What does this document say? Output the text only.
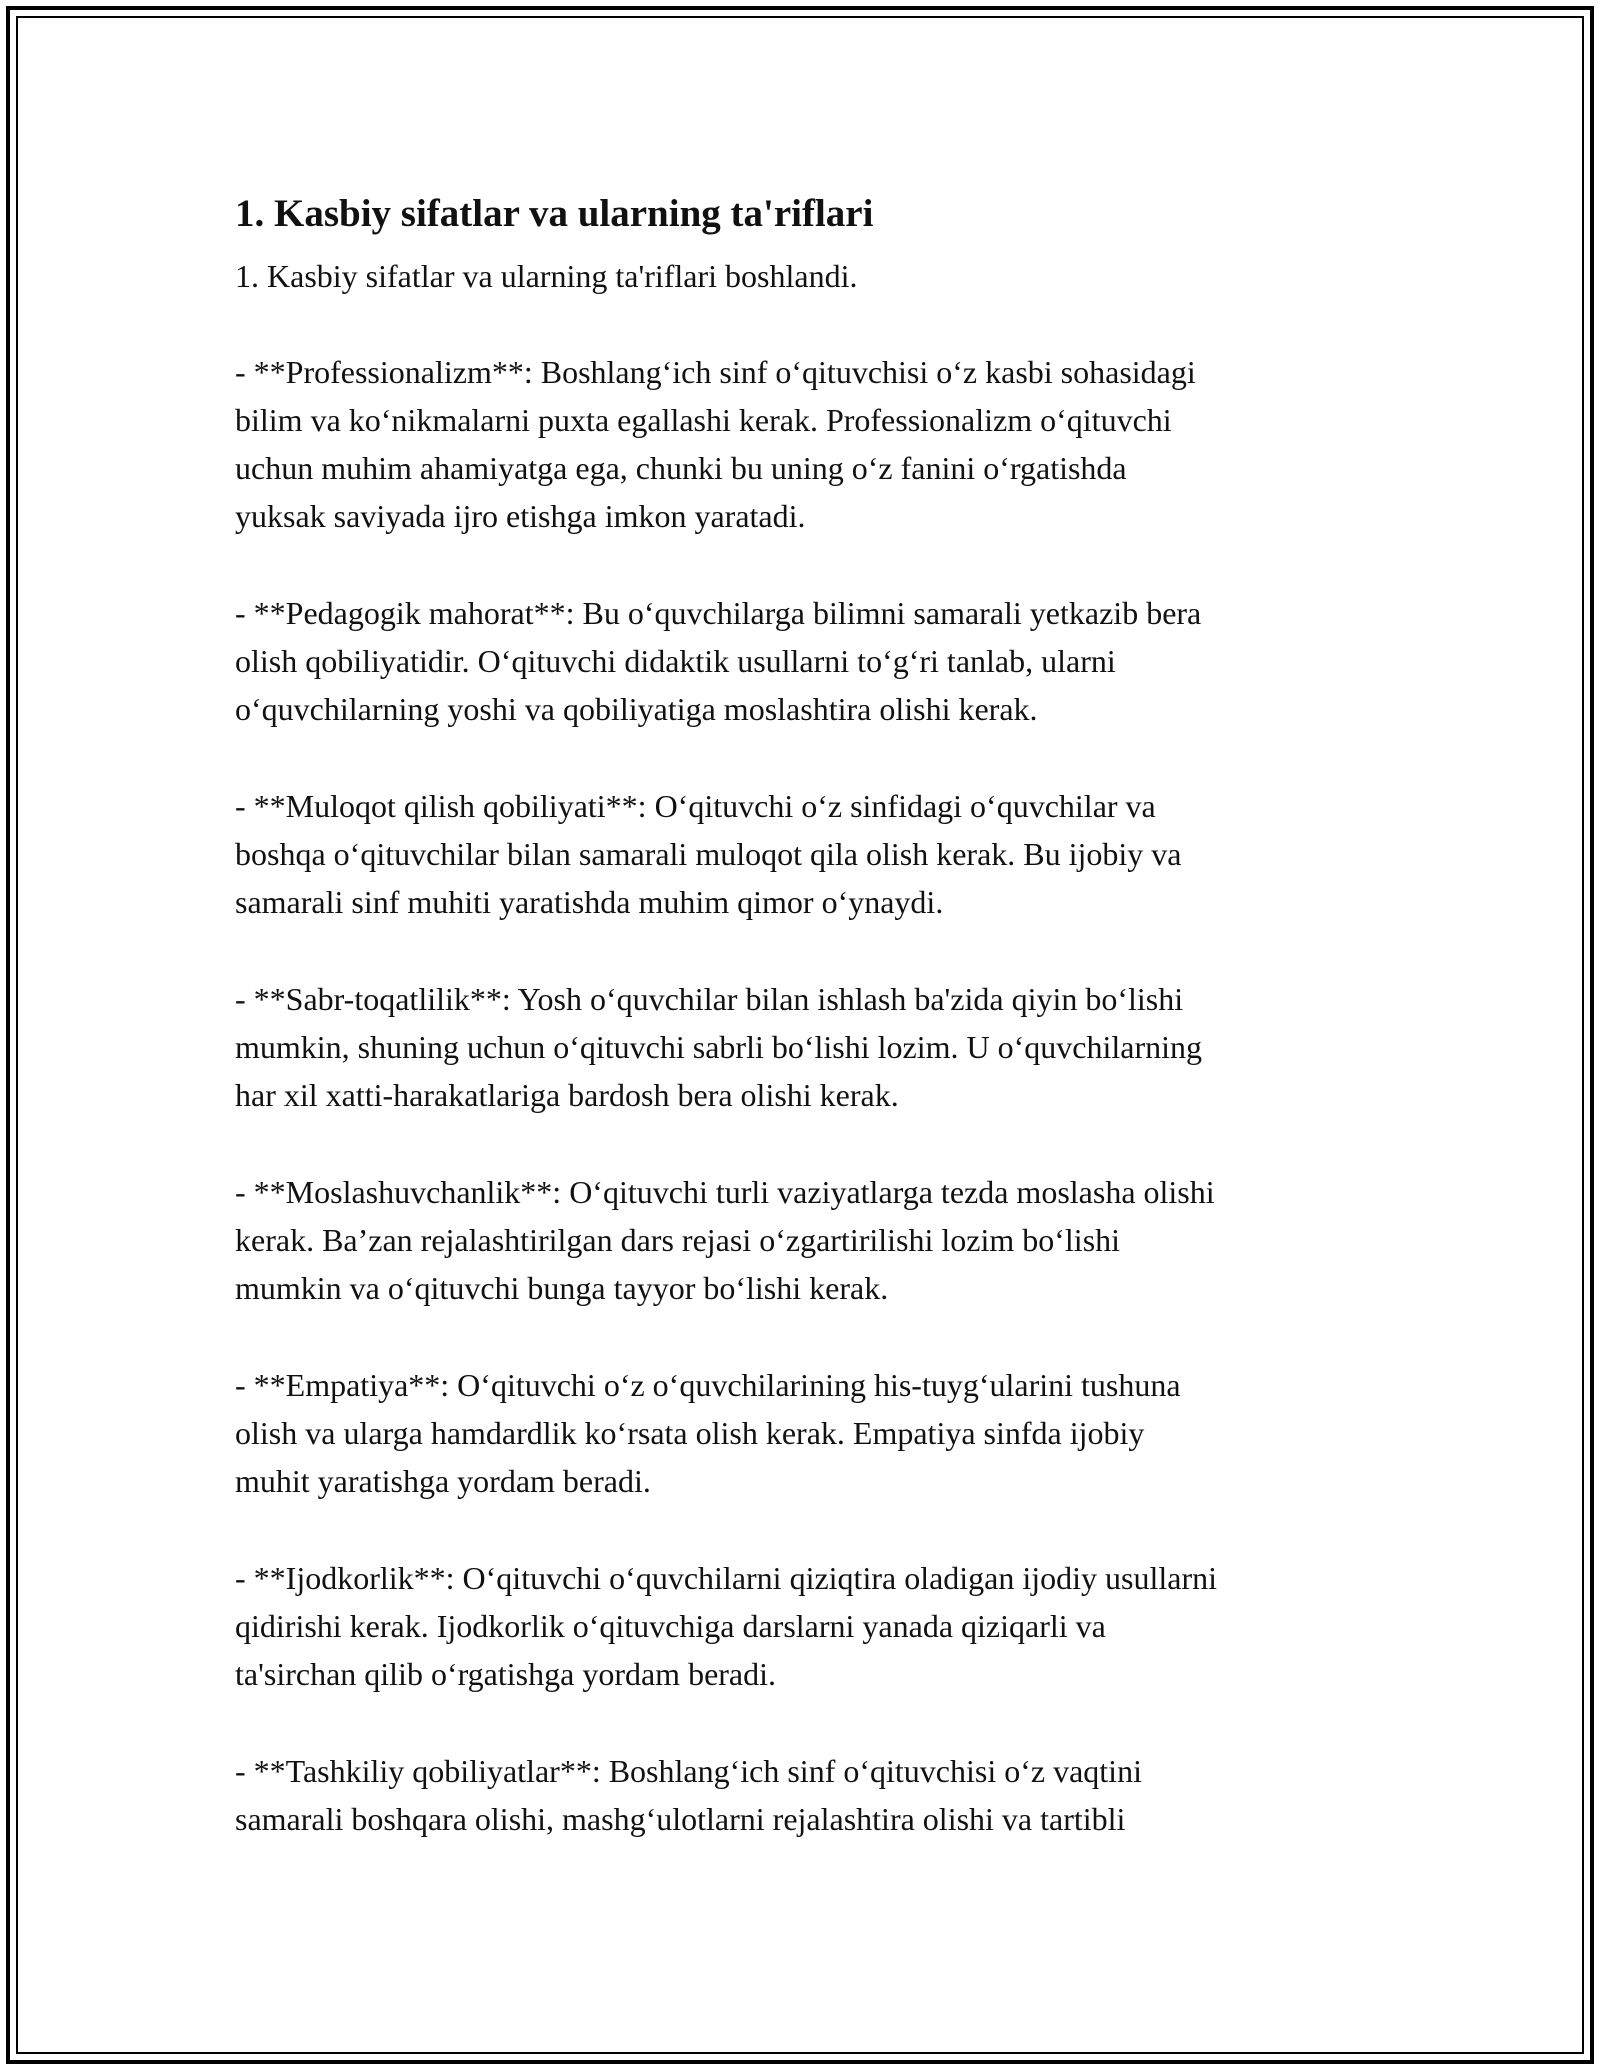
1. Kasbiy sifatlar va ularning ta'riflari

1. Kasbiy sifatlar va ularning ta'riflari boshlandi.

- **Professionalizm**: Boshlang‘ich sinf o‘qituvchisi o‘z kasbi sohasidagi
bilim va ko‘nikmalarni puxta egallashi kerak. Professionalizm o‘qituvchi
uchun muhim ahamiyatga ega, chunki bu uning o‘z fanini o‘rgatishda
yuksak saviyada ijro etishga imkon yaratadi.

- **Pedagogik mahorat**: Bu o‘quvchilarga bilimni samarali yetkazib bera
olish qobiliyatidir. O‘qituvchi didaktik usullarni to‘g‘ri tanlab, ularni
o‘quvchilarning yoshi va qobiliyatiga moslashtira olishi kerak.

- **Muloqot qilish qobiliyati**: O‘qituvchi o‘z sinfidagi o‘quvchilar va
boshqa o‘qituvchilar bilan samarali muloqot qila olish kerak. Bu ijobiy va
samarali sinf muhiti yaratishda muhim qimor o‘ynaydi.

- **Sabr-toqatlilik**: Yosh o‘quvchilar bilan ishlash ba'zida qiyin bo‘lishi
mumkin, shuning uchun o‘qituvchi sabrli bo‘lishi lozim. U o‘quvchilarning
har xil xatti-harakatlariga bardosh bera olishi kerak.

- **Moslashuvchanlik**: O‘qituvchi turli vaziyatlarga tezda moslasha olishi
kerak. Ba’zan rejalashtirilgan dars rejasi o‘zgartirilishi lozim bo‘lishi
mumkin va o‘qituvchi bunga tayyor bo‘lishi kerak.

- **Empatiya**: O‘qituvchi o‘z o‘quvchilarining his-tuyg‘ularini tushuna
olish va ularga hamdardlik ko‘rsata olish kerak. Empatiya sinfda ijobiy
muhit yaratishga yordam beradi.

- **Ijodkorlik**: O‘qituvchi o‘quvchilarni qiziqtira oladigan ijodiy usullarni
qidirishi kerak. Ijodkorlik o‘qituvchiga darslarni yanada qiziqarli va
ta'sirchan qilib o‘rgatishga yordam beradi.

- **Tashkiliy qobiliyatlar**: Boshlang‘ich sinf o‘qituvchisi o‘z vaqtini
samarali boshqara olishi, mashg‘ulotlarni rejalashtira olishi va tartibli
